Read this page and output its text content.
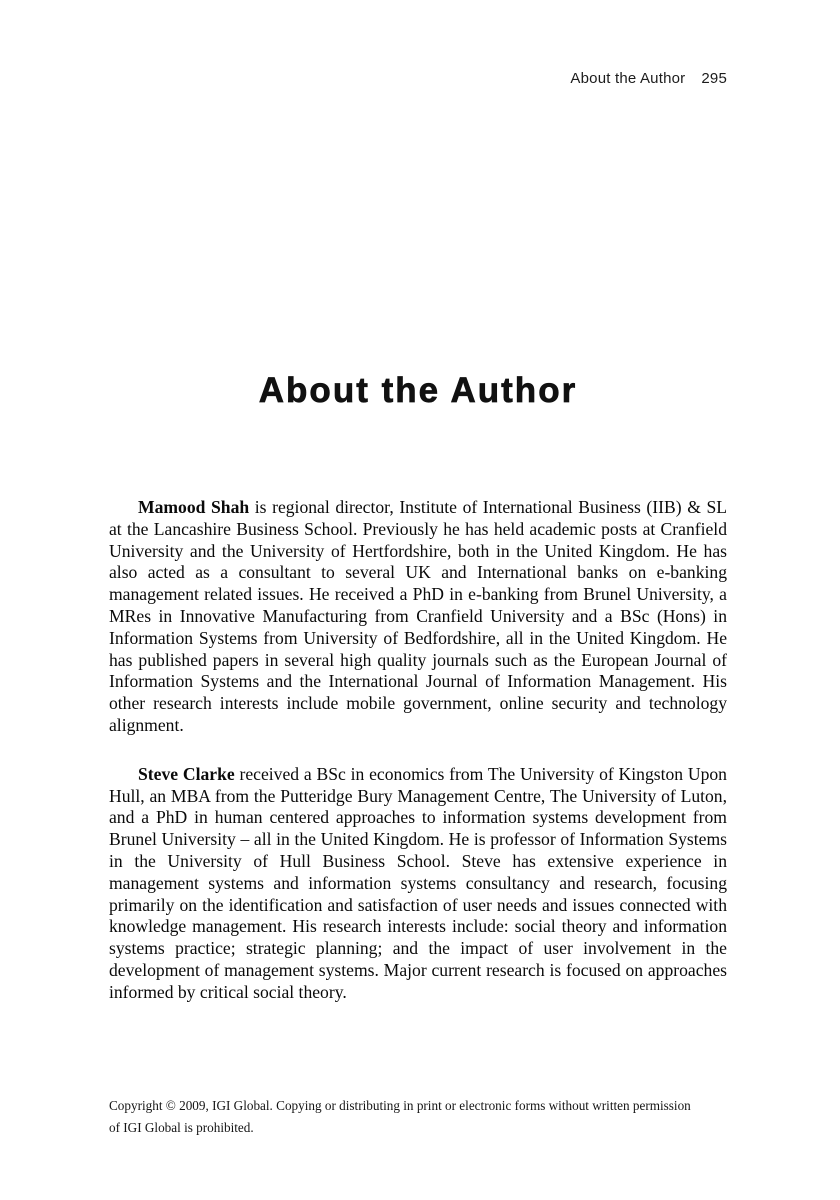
About the Author 295
About the Author

Mamood Shah is regional director, Institute of International Business (IIB) & SL at the Lancashire Business School. Previously he has held academic posts at Cranfield University and the University of Hertfordshire, both in the United Kingdom. He has also acted as a consultant to several UK and International banks on e-banking management related issues. He received a PhD in e-banking from Brunel University, a MRes in Innovative Manufacturing from Cranfield University and a BSc (Hons) in Information Systems from University of Bedfordshire, all in the United Kingdom. He has published papers in several high quality journals such as the European Journal of Information Systems and the International Journal of Information Management. His other research interests include mobile government, online security and technology alignment.

Steve Clarke received a BSc in economics from The University of Kingston Upon Hull, an MBA from the Putteridge Bury Management Centre, The University of Luton, and a PhD in human centered approaches to information systems development from Brunel University – all in the United Kingdom. He is professor of Information Systems in the University of Hull Business School. Steve has extensive experience in management systems and information systems consultancy and research, focusing primarily on the identification and satisfaction of user needs and issues connected with knowledge management. His research interests include: social theory and information systems practice; strategic planning; and the impact of user involvement in the development of management systems. Major current research is focused on approaches informed by critical social theory.

Copyright © 2009, IGI Global. Copying or distributing in print or electronic forms without written permission
of IGI Global is prohibited.
